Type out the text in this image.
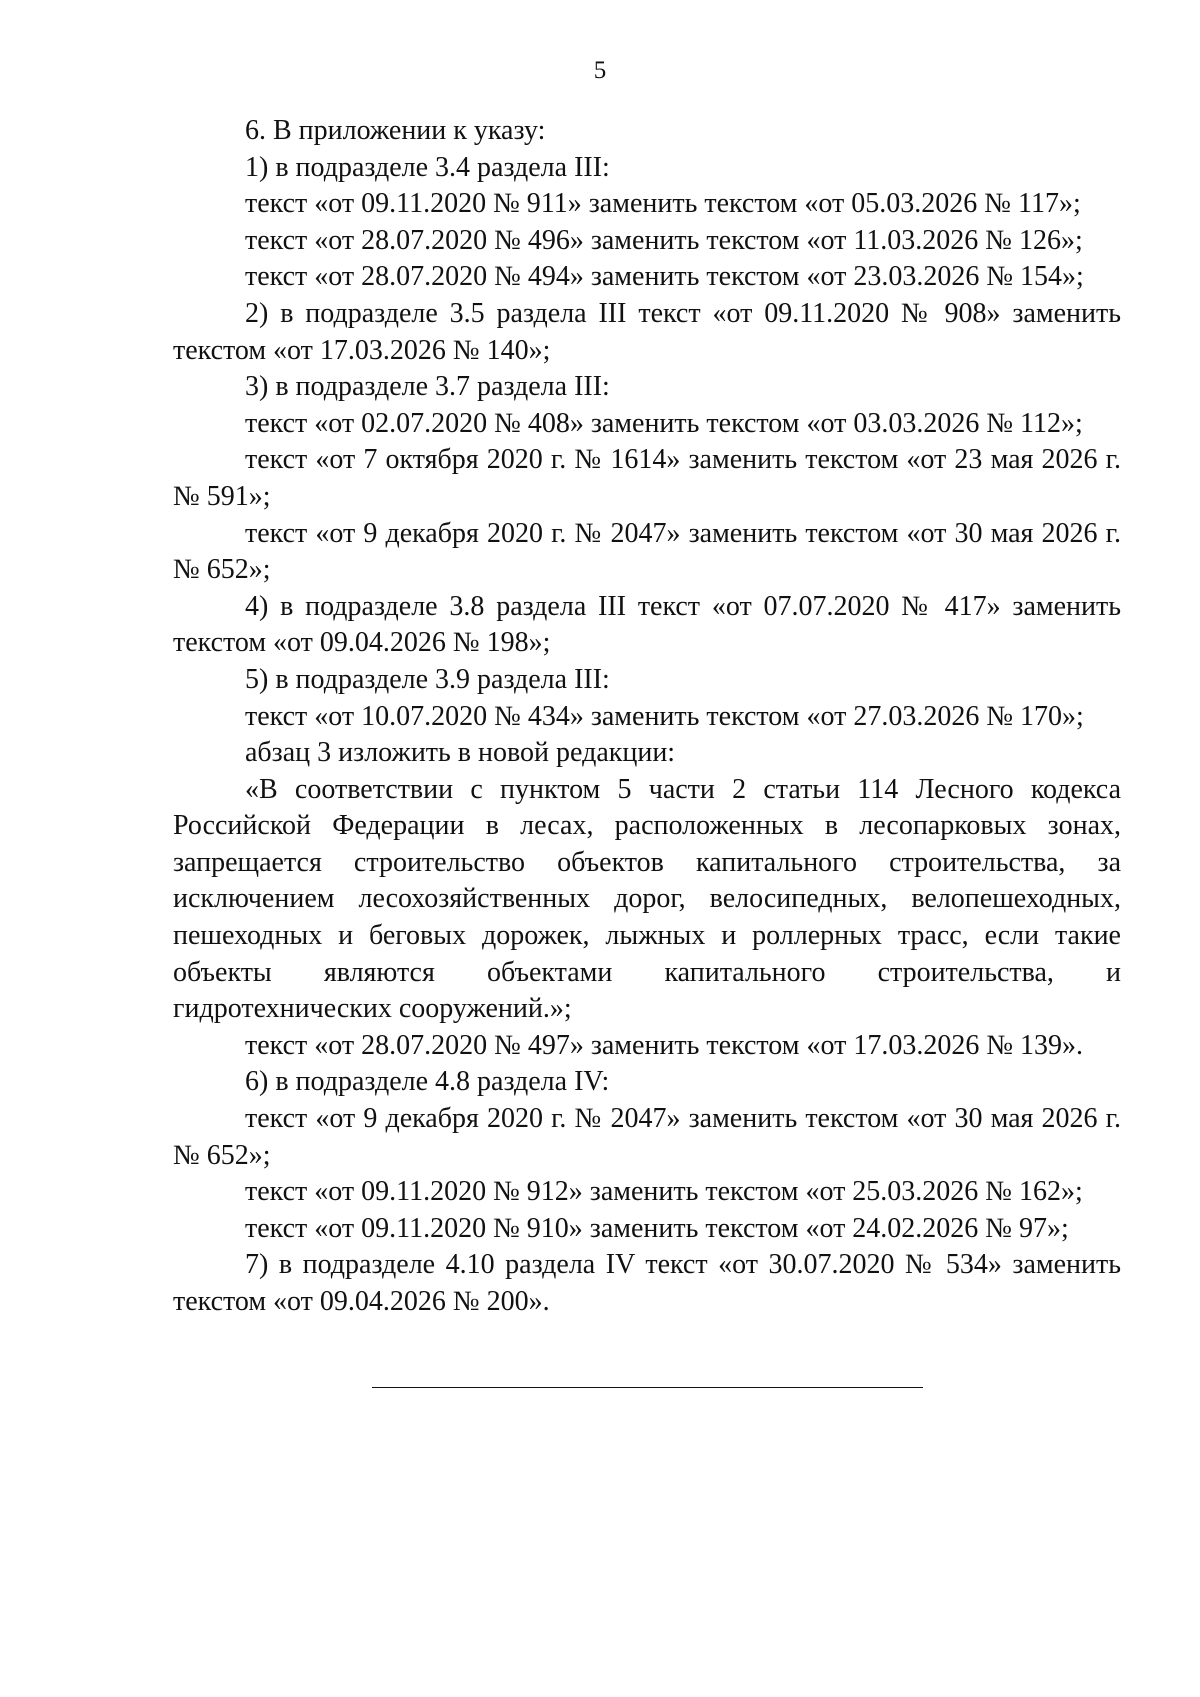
5

6. В приложении к указу:

1) в подразделе 3.4 раздела III:

текст «от 09.11.2020 № 911» заменить текстом «от 05.03.2026 № 117»;

текст «от 28.07.2020 № 496» заменить текстом «от 11.03.2026 № 126»;

текст «от 28.07.2020 № 494» заменить текстом «от 23.03.2026 № 154»;

2) в подразделе 3.5 раздела III текст «от 09.11.2020 № 908» заменить текстом «от 17.03.2026 № 140»;

3) в подразделе 3.7 раздела III:

текст «от 02.07.2020 № 408» заменить текстом «от 03.03.2026 № 112»;

текст «от 7 октября 2020 г. № 1614» заменить текстом «от 23 мая 2026 г. № 591»;

текст «от 9 декабря 2020 г. № 2047» заменить текстом «от 30 мая 2026 г. № 652»;

4) в подразделе 3.8 раздела III текст «от 07.07.2020 № 417» заменить текстом «от 09.04.2026 № 198»;

5) в подразделе 3.9 раздела III:

текст «от 10.07.2020 № 434» заменить текстом «от 27.03.2026 № 170»;

абзац 3 изложить в новой редакции:

«В соответствии с пунктом 5 части 2 статьи 114 Лесного кодекса Российской Федерации в лесах, расположенных в лесопарковых зонах, запрещается строительство объектов капитального строительства, за исключением лесохозяйственных дорог, велосипедных, велопешеходных, пешеходных и беговых дорожек, лыжных и роллерных трасс, если такие объекты являются объектами капитального строительства, и гидротехнических сооружений.»;

текст «от 28.07.2020 № 497» заменить текстом «от 17.03.2026 № 139».

6) в подразделе 4.8 раздела IV:

текст «от 9 декабря 2020 г. № 2047» заменить текстом «от 30 мая 2026 г. № 652»;

текст «от 09.11.2020 № 912» заменить текстом «от 25.03.2026 № 162»;

текст «от 09.11.2020 № 910» заменить текстом «от 24.02.2026 № 97»;

7) в подразделе 4.10 раздела IV текст «от 30.07.2020 № 534» заменить текстом «от 09.04.2026 № 200».
